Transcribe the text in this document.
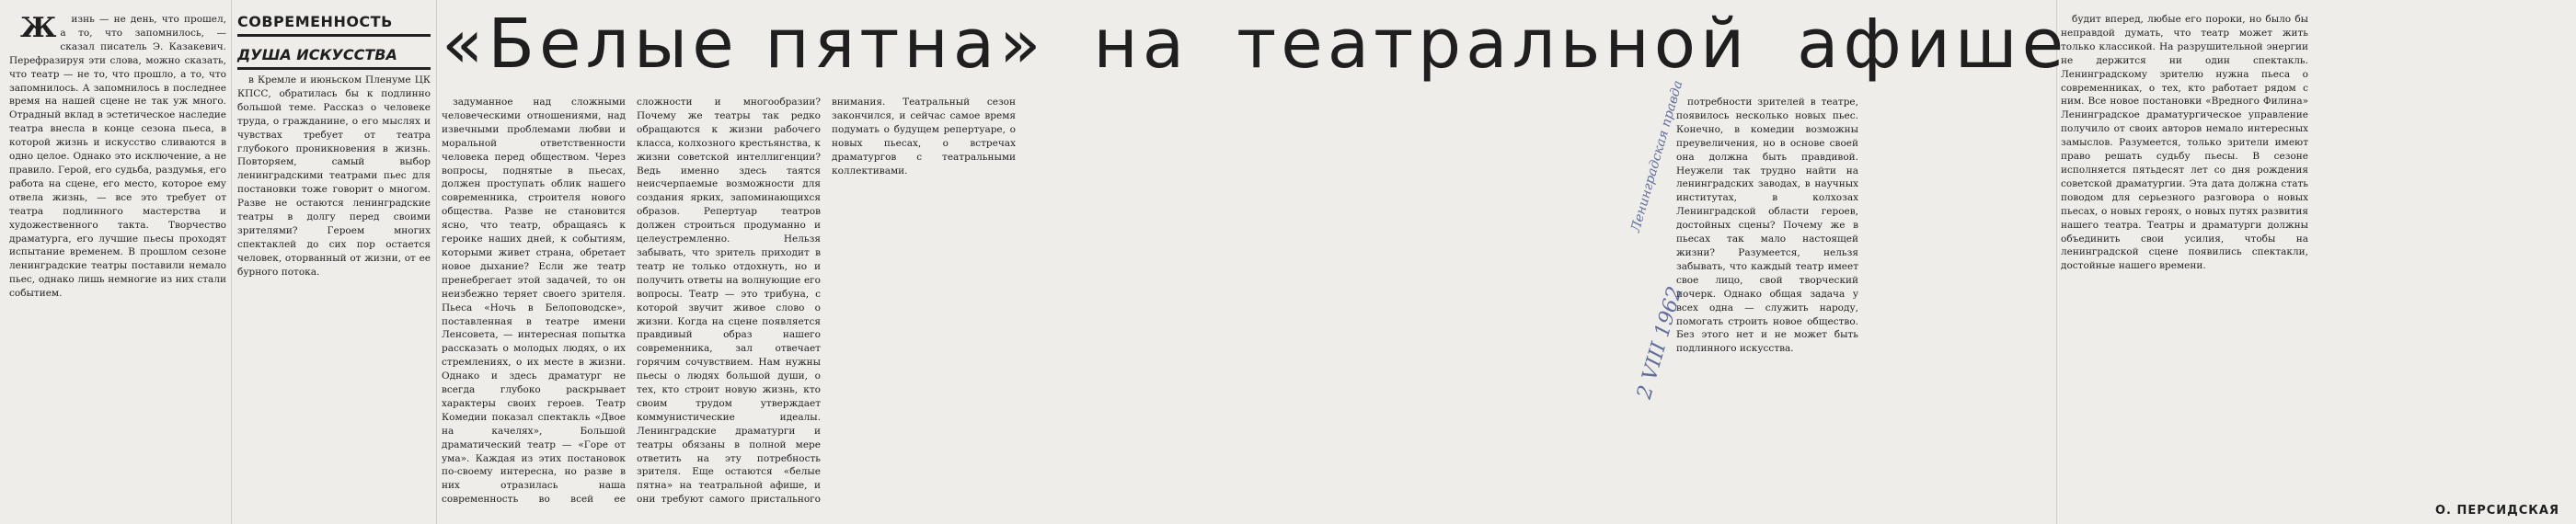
Ж изнь — не день, что прошел, а то, что запомнилось, — сказал писатель Э. Казакевич. Перефразируя эти слова, можно сказать, что театр — не то, что прошло, а то, что запомнилось. А запомнилось в последнее время на нашей сцене не так уж много. Отрадный вклад в эстетическое наследие театра внесла в конце сезона пьеса, в которой жизнь и искусство сливаются в одно целое. Однако это исключение, а не правило. Герой, его судьба, раздумья, его работа на сцене, его место, которое ему отвела жизнь, — все это требует от театра подлинного мастерства и художественного такта. Творчество драматурга, его лучшие пьесы проходят испытание временем. В прошлом сезоне ленинградские театры поставили немало пьес, однако лишь немногие из них стали событием.

СОВРЕМЕННОСТЬ
ДУША ИСКУССТВА

в Кремле и июньском Пленуме ЦК КПСС, обратилась бы к подлинно большой теме. Рассказ о человеке труда, о гражданине, о его мыслях и чувствах требует от театра глубокого проникновения в жизнь. Повторяем, самый выбор ленинградскими театрами пьес для постановки тоже говорит о многом. Разве не остаются ленинградские театры в долгу перед своими зрителями? Героем многих спектаклей до сих пор остается человек, оторванный от жизни, от ее бурного потока.

«Белые пятна» на театральной афише

задуманное над сложными человеческими отношениями, над извечными проблемами любви и моральной ответственности человека перед обществом. Через вопросы, поднятые в пьесах, должен проступать облик нашего современника, строителя нового общества. Разве не становится ясно, что театр, обращаясь к героике наших дней, к событиям, которыми живет страна, обретает новое дыхание? Если же театр пренебрегает этой задачей, то он неизбежно теряет своего зрителя. Пьеса «Ночь в Белоповодске», поставленная в театре имени Ленсовета, — интересная попытка рассказать о молодых людях, о их стремлениях, о их месте в жизни. Однако и здесь драматург не всегда глубоко раскрывает характеры своих героев. Театр Комедии показал спектакль «Двое на качелях», Большой драматический театр — «Горе от ума». Каждая из этих постановок по-своему интересна, но разве в них отразилась наша современность во всей ее сложности и многообразии? Почему же театры так редко обращаются к жизни рабочего класса, колхозного крестьянства, к жизни советской интеллигенции? Ведь именно здесь таятся неисчерпаемые возможности для создания ярких, запоминающихся образов. Репертуар театров должен строиться продуманно и целеустремленно. Нельзя забывать, что зритель приходит в театр не только отдохнуть, но и получить ответы на волнующие его вопросы. Театр — это трибуна, с которой звучит живое слово о жизни. Когда на сцене появляется правдивый образ нашего современника, зал отвечает горячим сочувствием. Нам нужны пьесы о людях большой души, о тех, кто строит новую жизнь, кто своим трудом утверждает коммунистические идеалы. Ленинградские драматурги и театры обязаны в полной мере ответить на эту потребность зрителя. Еще остаются «белые пятна» на театральной афише, и они требуют самого пристального внимания. Театральный сезон закончился, и сейчас самое время подумать о будущем репертуаре, о новых пьесах, о встречах драматургов с театральными коллективами.	Ленинградская правда
2 VIII 1962

потребности зрителей в театре, появилось несколько новых пьес. Конечно, в комедии возможны преувеличения, но в основе своей она должна быть правдивой. Неужели так трудно найти на ленинградских заводах, в научных институтах, в колхозах Ленинградской области героев, достойных сцены? Почему же в пьесах так мало настоящей жизни? Разумеется, нельзя забывать, что каждый театр имеет свое лицо, свой творческий почерк. Однако общая задача у всех одна — служить народу, помогать строить новое общество. Без этого нет и не может быть подлинного искусства.

будит вперед, любые его пороки, но было бы неправдой думать, что театр может жить только классикой. На разрушительной энергии не держится ни один спектакль. Ленинградскому зрителю нужна пьеса о современниках, о тех, кто работает рядом с ним. Все новое постановки «Вредного Филина» Ленинградское драматургическое управление получило от своих авторов немало интересных замыслов. Разумеется, только зрители имеют право решать судьбу пьесы. В сезоне исполняется пятьдесят лет со дня рождения советской драматургии. Эта дата должна стать поводом для серьезного разговора о новых пьесах, о новых героях, о новых путях развития нашего театра. Театры и драматурги должны объединить свои усилия, чтобы на ленинградской сцене появились спектакли, достойные нашего времени.

О. ПЕРСИДСКАЯ
